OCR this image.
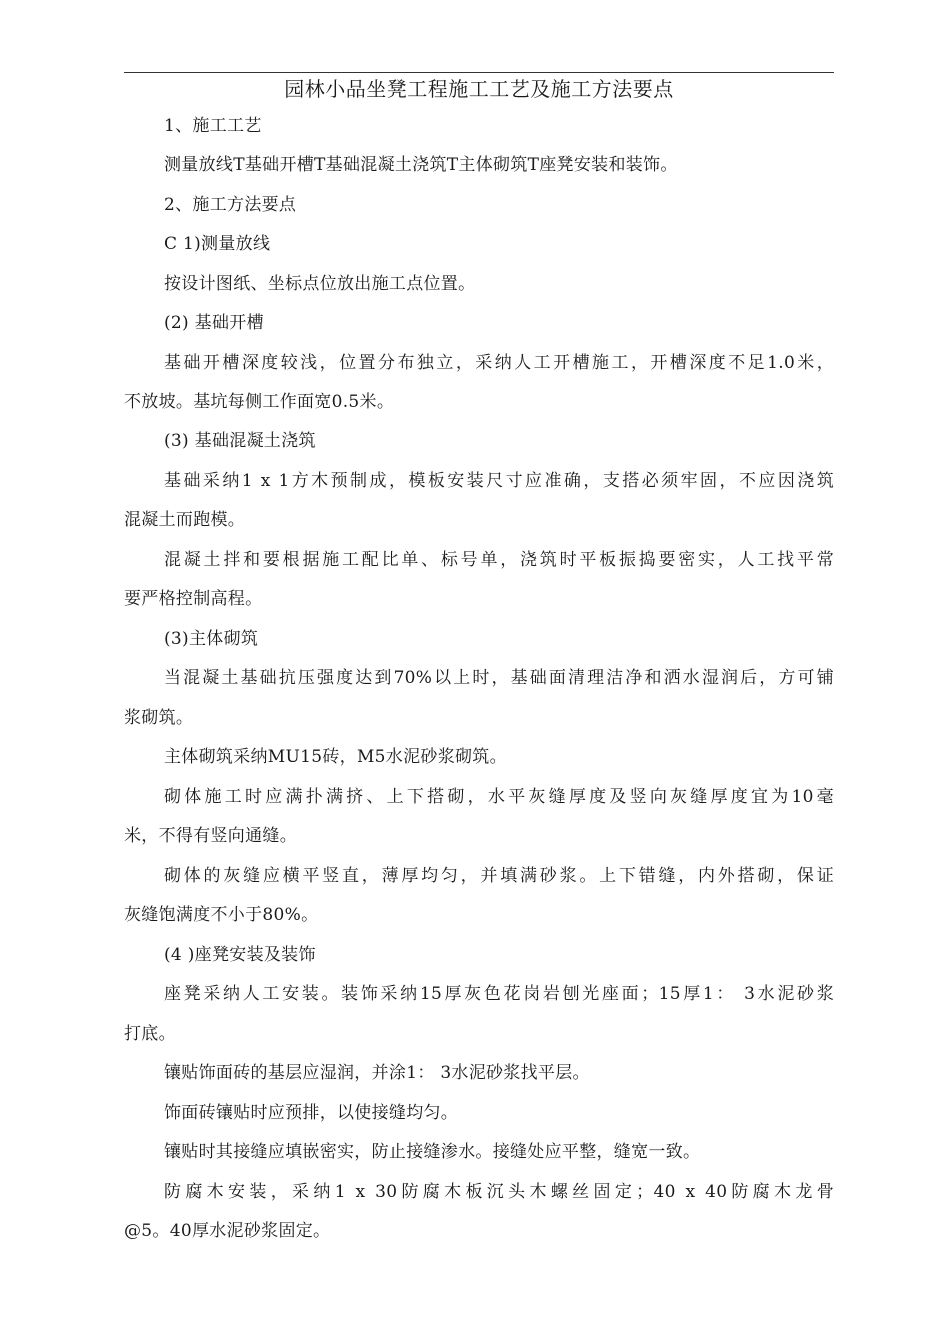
园林小品坐凳工程施工工艺及施工方法要点
1、施工工艺
测量放线T基础开槽T基础混凝土浇筑T主体砌筑T座凳安装和装饰。
2、施工方法要点
C 1)测量放线
按设计图纸、坐标点位放出施工点位置。
(2) 基础开槽
基础开槽深度较浅，位置分布独立，采纳人工开槽施工，开槽深度不足1.0米，
不放坡。基坑每侧工作面宽0.5米。
(3) 基础混凝土浇筑
基础采纳1 x 1方木预制成，模板安装尺寸应准确，支搭必须牢固，不应因浇筑
混凝土而跑模。
混凝土拌和要根据施工配比单、标号单，浇筑时平板振捣要密实，人工找平常
要严格控制高程。
(3)主体砌筑
当混凝土基础抗压强度达到70%以上时，基础面清理洁净和洒水湿润后，方可铺
浆砌筑。
主体砌筑采纳MU15砖，M5水泥砂浆砌筑。
砌体施工时应满扑满挤、上下搭砌，水平灰缝厚度及竖向灰缝厚度宜为10毫
米，不得有竖向通缝。
砌体的灰缝应横平竖直，薄厚均匀，并填满砂浆。上下错缝，内外搭砌，保证
灰缝饱满度不小于80%。
(4 )座凳安装及装饰
座凳采纳人工安装。装饰采纳15厚灰色花岗岩刨光座面；15厚1： 3水泥砂浆
打底。
镶贴饰面砖的基层应湿润，并涂1： 3水泥砂浆找平层。
饰面砖镶贴时应预排，以使接缝均匀。
镶贴时其接缝应填嵌密实，防止接缝渗水。接缝处应平整，缝宽一致。
防腐木安装，采纳1 x 30防腐木板沉头木螺丝固定；40 x 40防腐木龙骨
@5。40厚水泥砂浆固定。
